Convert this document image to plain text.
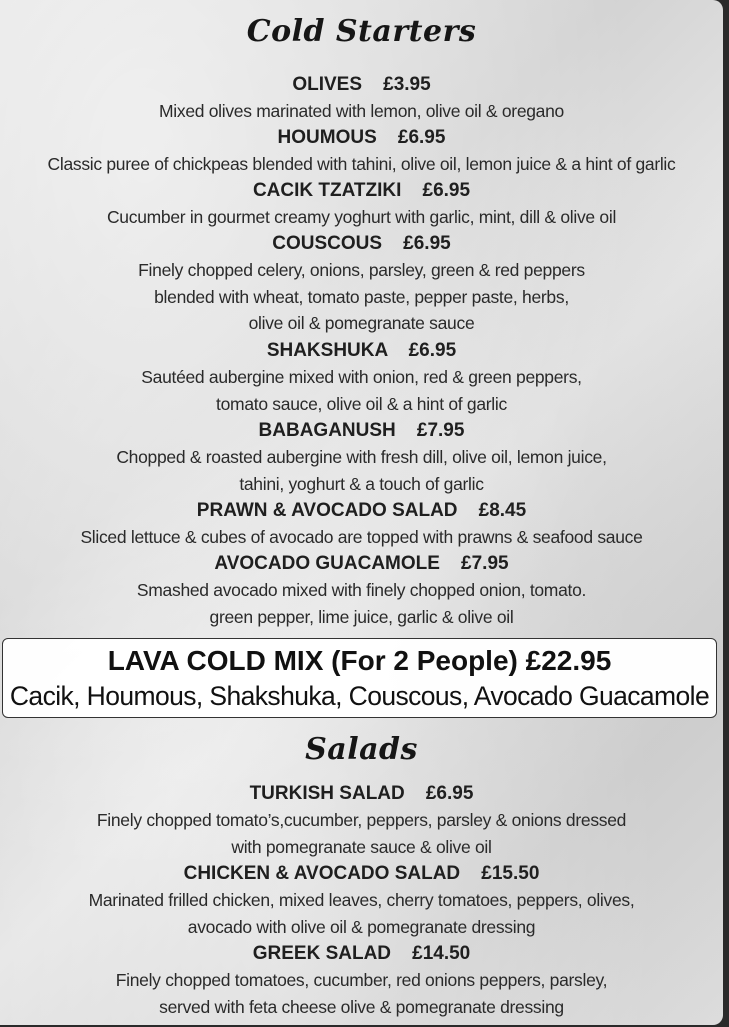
Cold Starters
OLIVES    £3.95
Mixed olives marinated with lemon, olive oil & oregano
HOUMOUS    £6.95
Classic puree of chickpeas blended with tahini, olive oil, lemon juice & a hint of garlic
CACIK TZATZIKI    £6.95
Cucumber in gourmet creamy yoghurt with garlic, mint, dill & olive oil
COUSCOUS    £6.95
Finely chopped celery, onions, parsley, green & red peppers
blended with wheat, tomato paste, pepper paste, herbs,
olive oil & pomegranate sauce
SHAKSHUKA    £6.95
Sautéed aubergine mixed with onion, red & green peppers,
tomato sauce, olive oil & a hint of garlic
BABAGANUSH    £7.95
Chopped & roasted aubergine with fresh dill, olive oil, lemon juice,
tahini, yoghurt & a touch of garlic
PRAWN & AVOCADO SALAD    £8.45
Sliced lettuce & cubes of avocado are topped with prawns & seafood sauce
AVOCADO GUACAMOLE    £7.95
Smashed avocado mixed with finely chopped onion, tomato.
green pepper, lime juice, garlic & olive oil
LAVA COLD MIX (For 2 People) £22.95
Cacik, Houmous, Shakshuka, Couscous, Avocado Guacamole
Salads
TURKISH SALAD    £6.95
Finely chopped tomato’s,cucumber, peppers, parsley & onions dressed
with pomegranate sauce & olive oil
CHICKEN & AVOCADO SALAD    £15.50
Marinated frilled chicken, mixed leaves, cherry tomatoes, peppers, olives,
avocado with olive oil & pomegranate dressing
GREEK SALAD    £14.50
Finely chopped tomatoes, cucumber, red onions peppers, parsley,
served with feta cheese olive & pomegranate dressing
